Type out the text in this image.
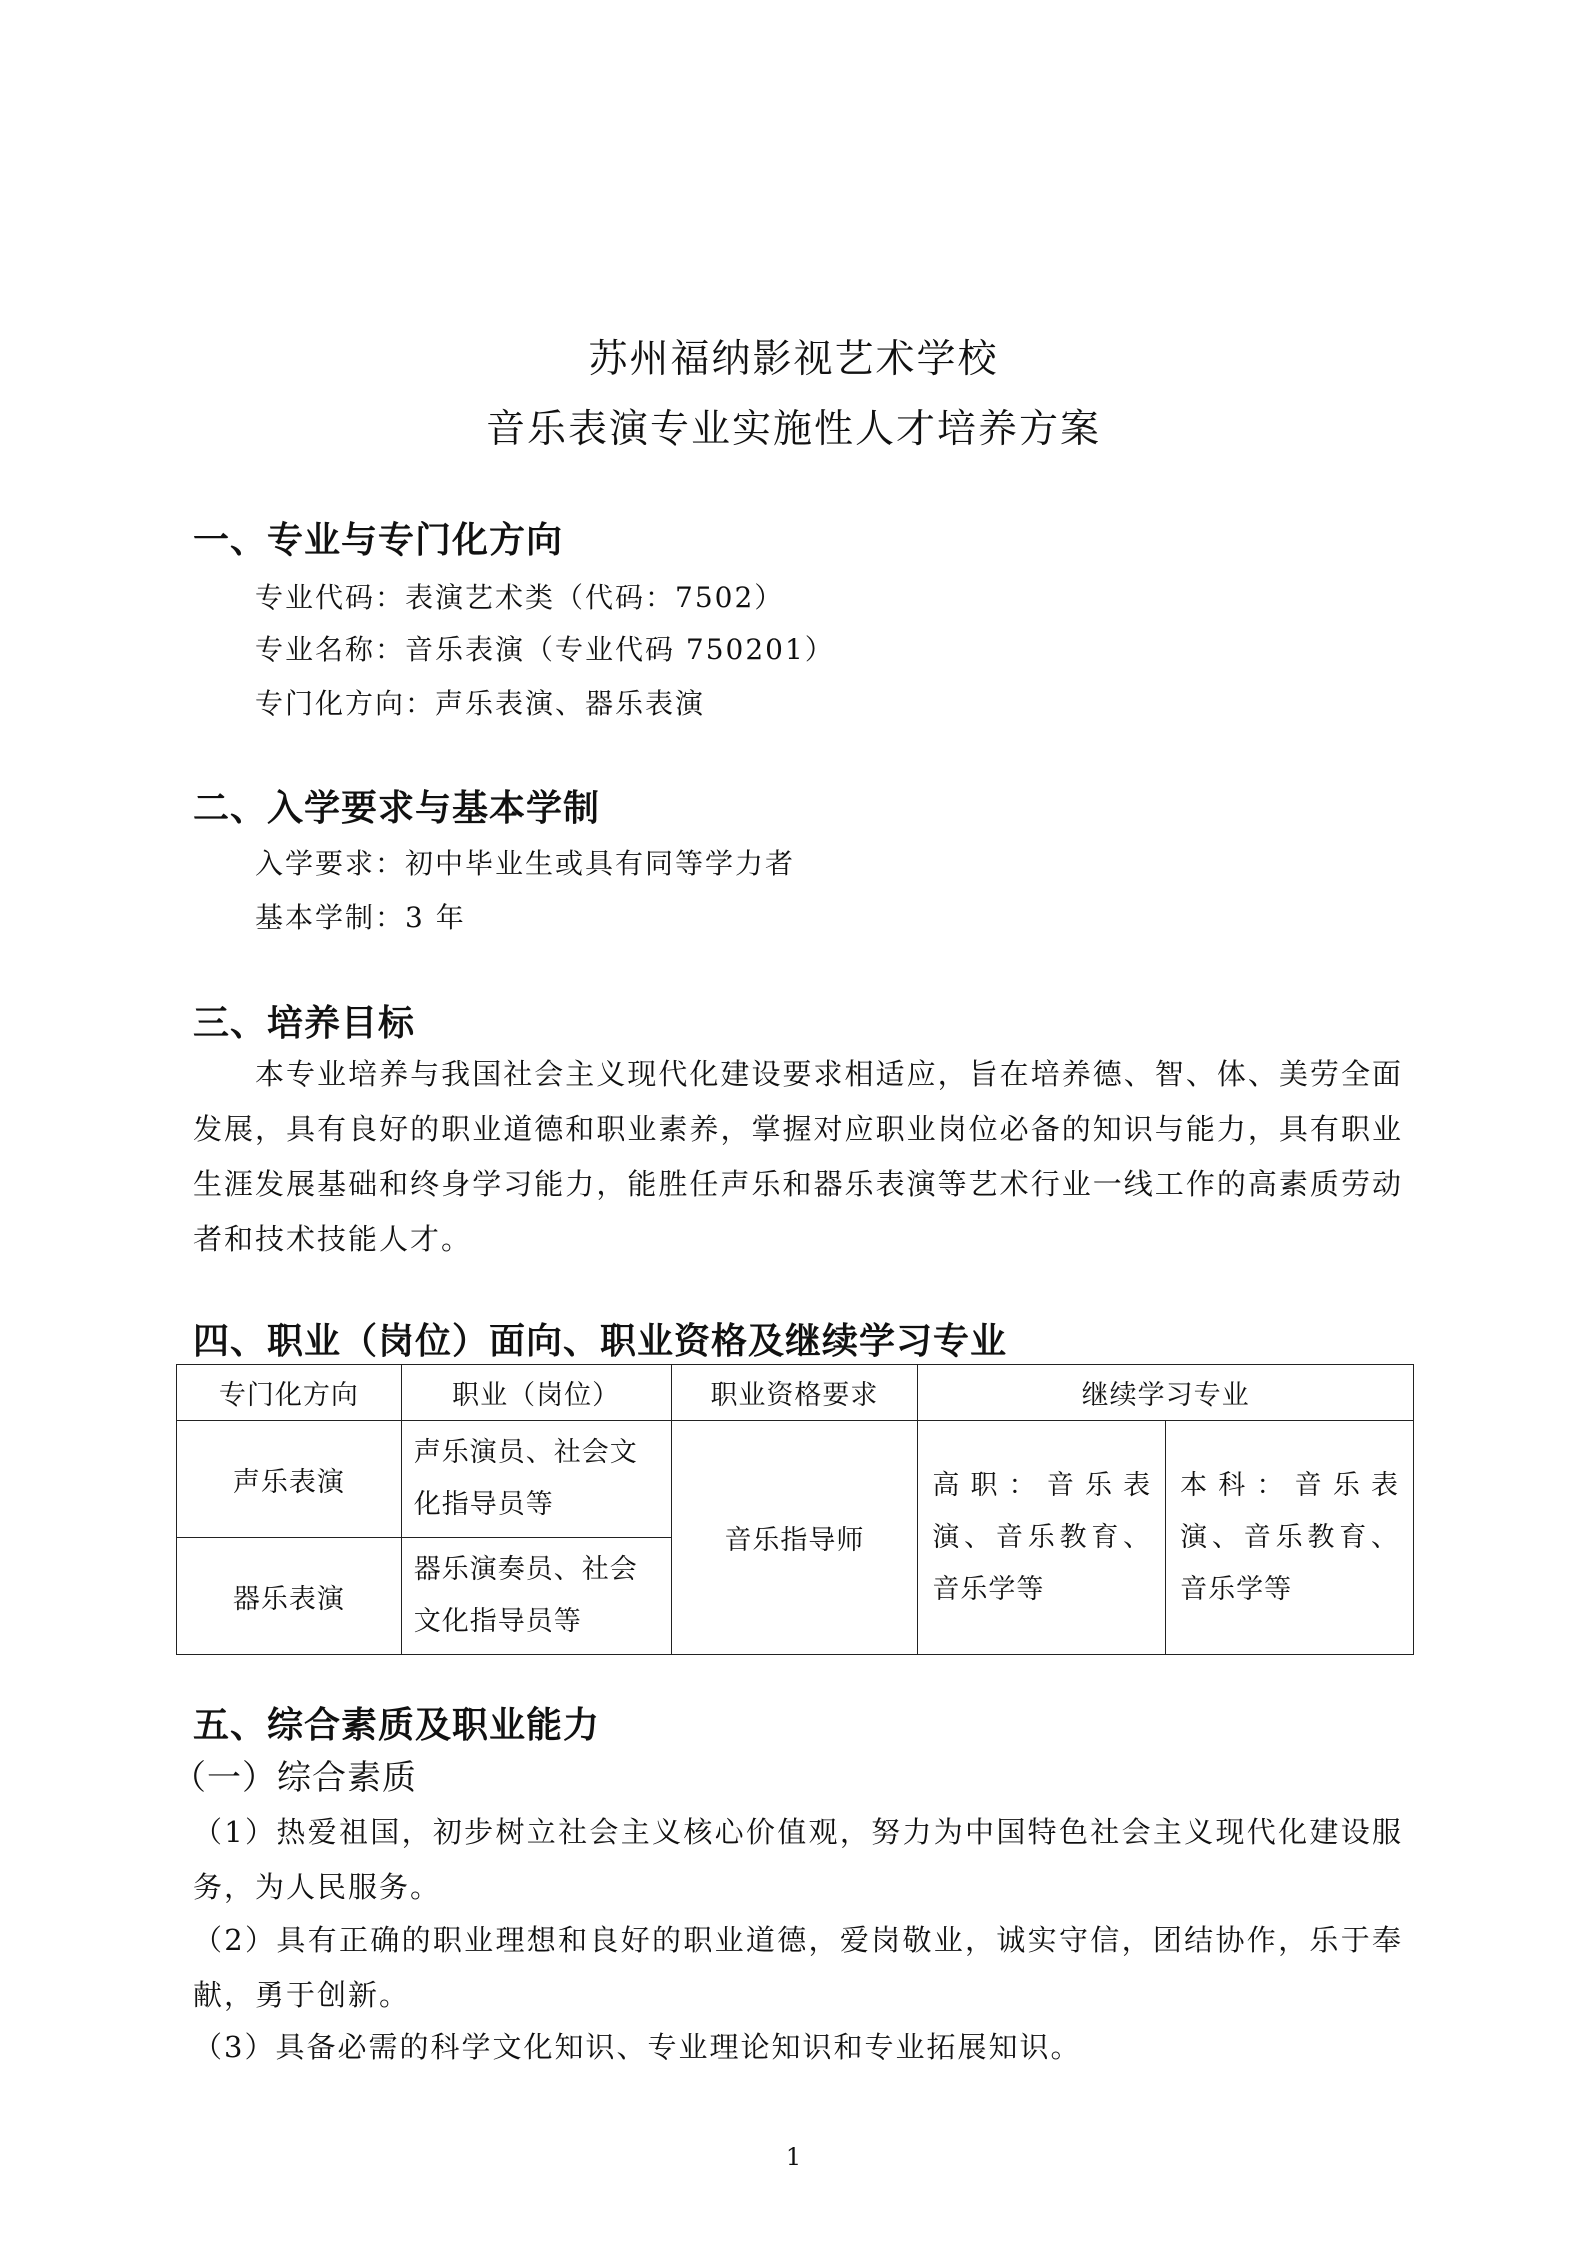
苏州福纳影视艺术学校
音乐表演专业实施性人才培养方案
一、专业与专门化方向
专业代码：表演艺术类（代码：7502）
专业名称：音乐表演（专业代码 750201）
专门化方向：声乐表演、器乐表演
二、入学要求与基本学制
入学要求：初中毕业生或具有同等学力者
基本学制：3 年
三、培养目标

本专业培养与我国社会主义现代化建设要求相适应，旨在培养德、智、体、美劳全面发展，具有良好的职业道德和职业素养，掌握对应职业岗位必备的知识与能力，具有职业生涯发展基础和终身学习能力，能胜任声乐和器乐表演等艺术行业一线工作的高素质劳动者和技术技能人才。

四、职业（岗位）面向、职业资格及继续学习专业
专门化方向	职业（岗位）	职业资格要求	继续学习专业	
声乐表演	声乐演员、社会文化指导员等	音乐指导师	高职：音乐表演、音乐教育、音乐学等	本科：音乐表演、音乐教育、音乐学等
器乐表演	器乐演奏员、社会文化指导员等			
五、综合素质及职业能力
（一）综合素质

（1）热爱祖国，初步树立社会主义核心价值观，努力为中国特色社会主义现代化建设服务，为人民服务。

（2）具有正确的职业理想和良好的职业道德，爱岗敬业，诚实守信，团结协作，乐于奉献，勇于创新。

（3）具备必需的科学文化知识、专业理论知识和专业拓展知识。

1
